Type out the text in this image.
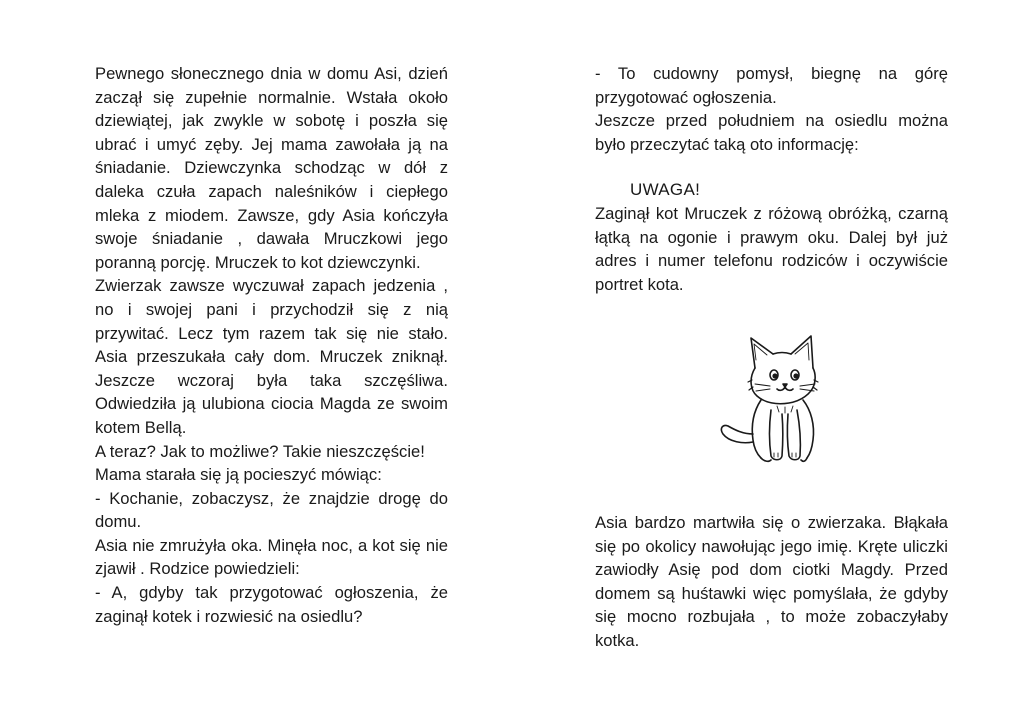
Pewnego słonecznego dnia w domu Asi, dzień zaczął się zupełnie normalnie. Wstała około dziewiątej, jak zwykle w sobotę i poszła się ubrać i umyć zęby. Jej mama zawołała ją na śniadanie. Dziewczynka schodząc w dół z daleka czuła zapach naleśników i ciepłego mleka z miodem. Zawsze, gdy Asia kończyła swoje śniadanie , dawała Mruczkowi jego poranną porcję. Mruczek to kot dziewczynki.

Zwierzak zawsze wyczuwał zapach jedzenia , no i swojej pani i przychodził się z nią przywitać. Lecz tym razem tak się nie stało. Asia przeszukała cały dom. Mruczek zniknął. Jeszcze wczoraj była taka szczęśliwa. Odwiedziła ją ulubiona ciocia Magda ze swoim kotem Bellą.

A teraz? Jak to możliwe? Takie nieszczęście!

Mama starała się ją pocieszyć mówiąc:

- Kochanie, zobaczysz, że znajdzie drogę do domu.

Asia nie zmrużyła oka. Minęła noc, a kot się nie zjawił . Rodzice powiedzieli:

- A, gdyby tak przygotować ogłoszenia, że zaginął kotek i rozwiesić na osiedlu?

- To cudowny pomysł, biegnę na górę przygotować ogłoszenia.

Jeszcze przed południem na osiedlu można było przeczytać taką oto informację:

UWAGA!

Zaginął kot Mruczek z różową obróżką, czarną łątką na ogonie i prawym oku. Dalej był już adres i numer telefonu rodziców i oczywiście portret kota.

Asia bardzo martwiła się o zwierzaka. Błąkała się po okolicy nawołując jego imię. Kręte uliczki zawiodły Asię pod dom ciotki Magdy. Przed domem są huśtawki więc pomyślała, że gdyby się mocno rozbujała , to może zobaczyłaby kotka.
